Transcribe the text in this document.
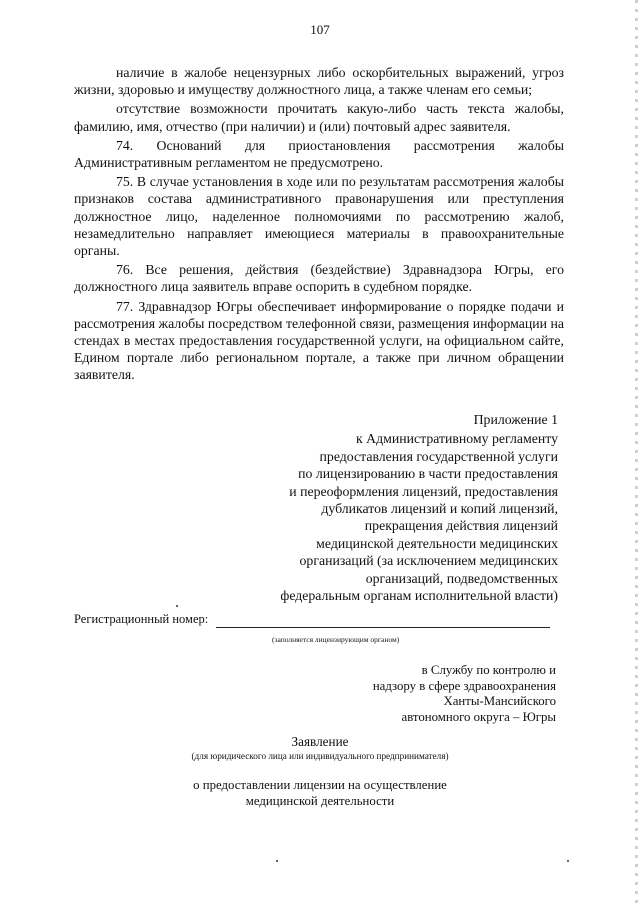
107

наличие в жалобе нецензурных либо оскорбительных выражений, угроз жизни, здоровью и имуществу должностного лица, а также членам его семьи;

отсутствие возможности прочитать какую-либо часть текста жалобы, фамилию, имя, отчество (при наличии) и (или) почтовый адрес заявителя.

74. Оснований для приостановления рассмотрения жалобы Административным регламентом не предусмотрено.

75. В случае установления в ходе или по результатам рассмотрения жалобы признаков состава административного правонарушения или преступления должностное лицо, наделенное полномочиями по рассмотрению жалоб, незамедлительно направляет имеющиеся материалы в правоохранительные органы.

76. Все решения, действия (бездействие) Здравнадзора Югры, его должностного лица заявитель вправе оспорить в судебном порядке.

77. Здравнадзор Югры обеспечивает информирование о порядке подачи и рассмотрения жалобы посредством телефонной связи, размещения информации на стендах в местах предоставления государственной услуги, на официальном сайте, Едином портале либо региональном портале, а также при личном обращении заявителя.

Приложение 1
к Административному регламенту
предоставления государственной услуги
по лицензированию в части предоставления
и переоформления лицензий, предоставления
дубликатов лицензий и копий лицензий,
прекращения действия лицензий
медицинской деятельности медицинских
организаций (за исключением медицинских
организаций, подведомственных
федеральным органам исполнительной власти)
Регистрационный номер:
(заполняется лицензирующим органом)
в Службу по контролю и
надзору в сфере здравоохранения
Ханты-Мансийского
автономного округа – Югры
Заявление
(для юридического лица или индивидуального предпринимателя)
о предоставлении лицензии на осуществление
медицинской деятельности
